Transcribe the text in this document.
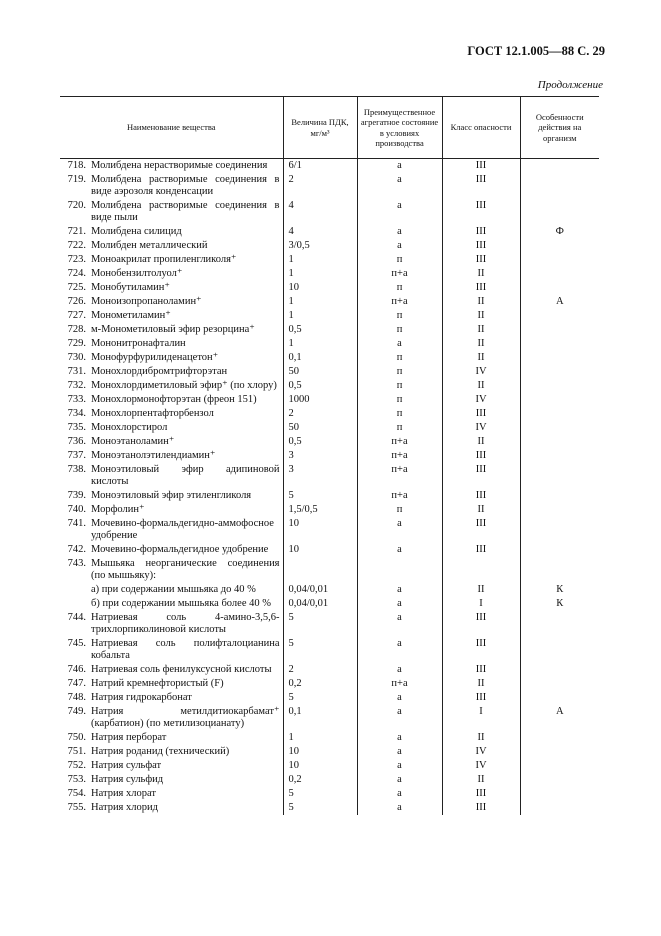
ГОСТ 12.1.005—88 С. 29
Продолжение
Наименование вещества		Величина ПДК, мг/м³	Преимущественное агрегатное состояние в условиях производства	Класс опасности	Особенности действия на организм
718.	Молибдена нерастворимые соединения	6/1	а	III	
719.	Молибдена растворимые соединения в виде аэрозоля конденсации	2	а	III	
720.	Молибдена растворимые соединения в виде пыли	4	а	III	
721.	Молибдена силицид	4	а	III	Ф
722.	Молибден металлический	3/0,5	а	III	
723.	Моноакрилат пропиленгликоля⁺	1	п	III	
724.	Монобензилтолуол⁺	1	п+а	II	
725.	Монобутиламин⁺	10	п	III	
726.	Моноизопропаноламин⁺	1	п+а	II	А
727.	Монометиламин⁺	1	п	II	
728.	м-Монометиловый эфир резорцина⁺	0,5	п	II	
729.	Мононитронафталин	1	а	II	
730.	Монофурфурилиденацетон⁺	0,1	п	II	
731.	Монохлордибромтрифторэтан	50	п	IV	
732.	Монохлордиметиловый эфир⁺ (по хлору)	0,5	п	II	
733.	Монохлормонофторэтан (фреон 151)	1000	п	IV	
734.	Монохлорпентафторбензол	2	п	III	
735.	Монохлорстирол	50	п	IV	
736.	Моноэтаноламин⁺	0,5	п+а	II	
737.	Моноэтанолэтилендиамин⁺	3	п+а	III	
738.	Моноэтиловый эфир адипиновой кислоты	3	п+а	III	
739.	Моноэтиловый эфир этиленгликоля	5	п+а	III	
740.	Морфолин⁺	1,5/0,5	п	II	
741.	Мочевино-формальдегидно-аммофосное удобрение	10	а	III	
742.	Мочевино-формальдегидное удобрение	10	а	III	
743.	Мышьяка неорганические соединения (по мышьяку):				
	а) при содержании мышьяка до 40 %	0,04/0,01	а	II	К
	б) при содержании мышьяка более 40 %	0,04/0,01	а	I	К
744.	Натриевая соль 4-амино-3,5,6-трихлорпиколиновой кислоты	5	а	III	
745.	Натриевая соль полифталоцианина кобальта	5	а	III	
746.	Натриевая соль фенилуксусной кислоты	2	а	III	
747.	Натрий кремнефтористый (F)	0,2	п+а	II	
748.	Натрия гидрокарбонат	5	а	III	
749.	Натрия метилдитиокарбамат⁺ (карбатион) (по метилизоцианату)	0,1	а	I	А
750.	Натрия перборат	1	а	II	
751.	Натрия роданид (технический)	10	а	IV	
752.	Натрия сульфат	10	а	IV	
753.	Натрия сульфид	0,2	а	II	
754.	Натрия хлорат	5	а	III	
755.	Натрия хлорид	5	а	III	
